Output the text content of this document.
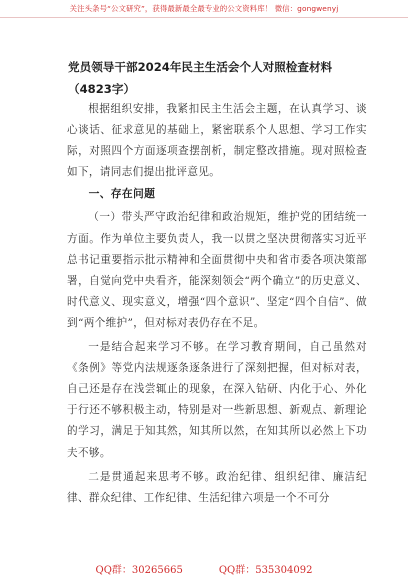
关注头条号“公文研究”，获得最新最全最专业的公文资料库！ 微信：gongwenyj
党员领导干部2024年民主生活会个人对照检查材料（4823字）

根据组织安排，我紧扣民主生活会主题，在认真学习、谈心谈话、征求意见的基础上，紧密联系个人思想、学习工作实际，对照四个方面逐项查摆剖析，制定整改措施。现对照检查如下，请同志们提出批评意见。

一、存在问题

（一）带头严守政治纪律和政治规矩，维护党的团结统一方面。作为单位主要负责人，我一以贯之坚决贯彻落实习近平总书记重要指示批示精神和全面贯彻中央和省市委各项决策部署，自觉向党中央看齐，能深刻领会“两个确立”的历史意义、时代意义、现实意义，增强“四个意识”、坚定“四个自信”、做到“两个维护”，但对标对表仍存在不足。

一是结合起来学习不够。在学习教育期间，自己虽然对《条例》等党内法规逐条逐条进行了深刻把握，但对标对表，自己还是存在浅尝辄止的现象，在深入钻研、内化于心、外化于行还不够积极主动，特别是对一些新思想、新观点、新理论的学习，满足于知其然，知其所以然，在知其所以必然上下功夫不够。

二是贯通起来思考不够。政治纪律、组织纪律、廉洁纪律、群众纪律、工作纪律、生活纪律六项是一个不可分

QQ群：30265665	QQ群：535304092
